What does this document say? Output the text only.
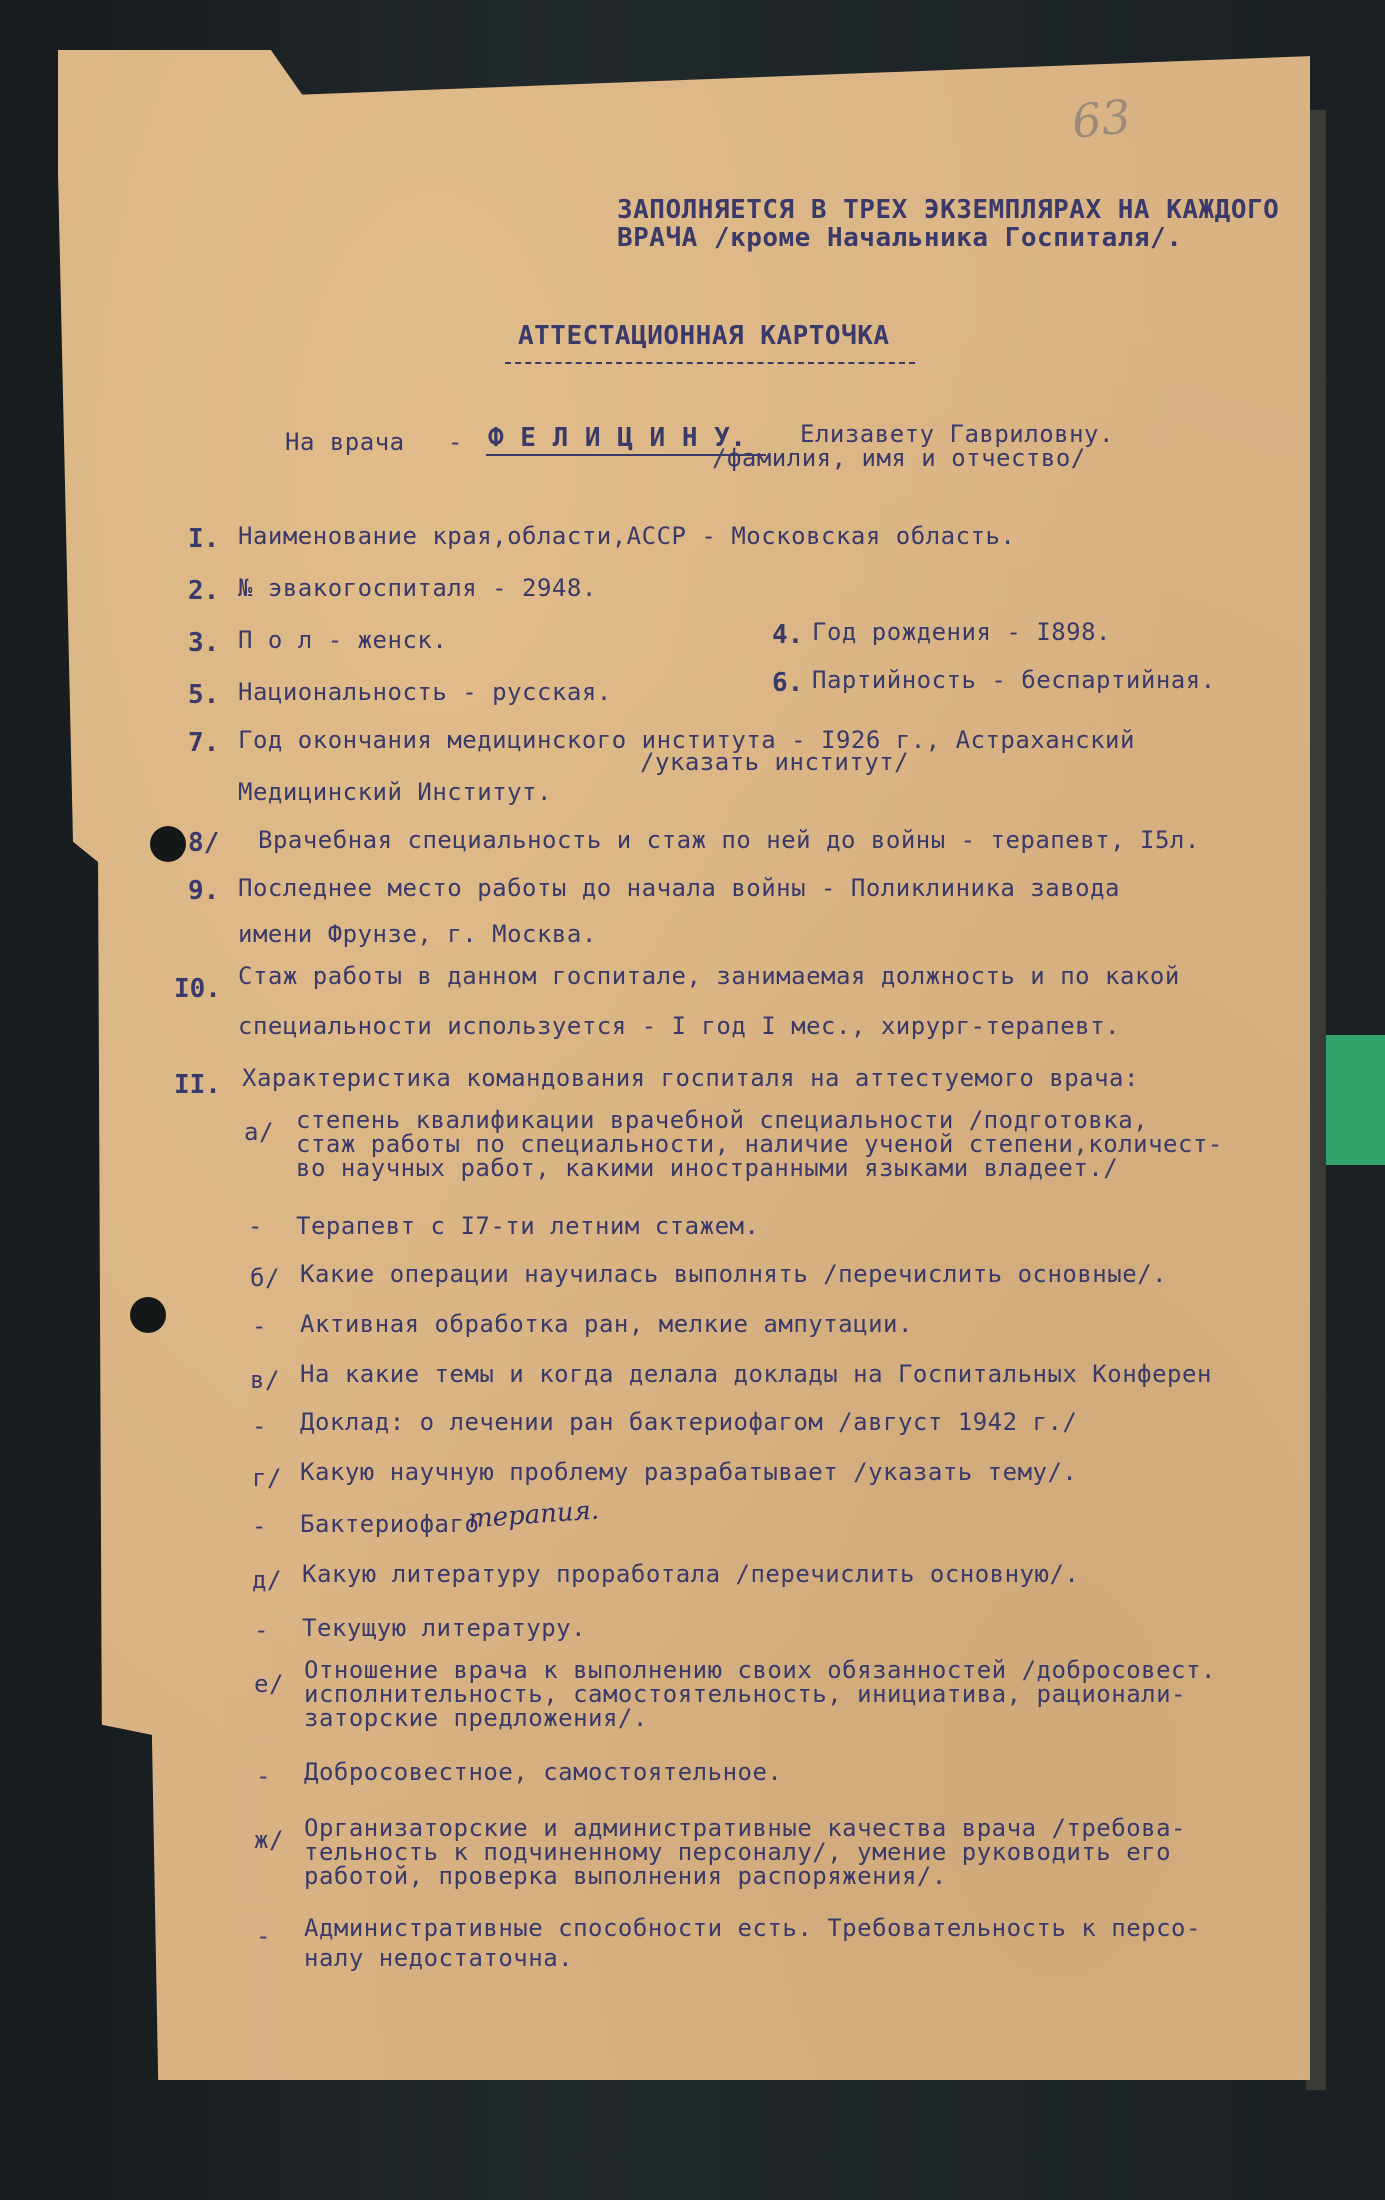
63
ЗАПОЛНЯЕТСЯ В ТРЕХ ЭКЗЕМПЛЯРАХ НА КАЖДОГО
ВРАЧА /кроме Начальника Госпиталя/.
АТТЕСТАЦИОННАЯ КАРТОЧКА
На врача - Ф Е Л И Ц И Н У. Елизавету Гавриловну.
/фамилия, имя и отчество/
I. Наименование края,области,АССР - Московская область.
2. № эвакогоспиталя - 2948.
3. П о л - женск.	4. Год рождения - I898.
5. Национальность - русская.	6. Партийность - беспартийная.
7. Год окончания медицинского института - I926 г., Астраханский
/указать институт/
Медицинский Институт.
8/ Врачебная специальность и стаж по ней до войны - терапевт, I5л.
9. Последнее место работы до начала войны - Поликлиника завода
имени Фрунзе, г. Москва.
I0. Стаж работы в данном госпитале, занимаемая должность и по какой
специальности используется - I год I мес., хирург-терапевт.
II. Характеристика командования госпиталя на аттестуемого врача:
а/ степень квалификации врачебной специальности /подготовка,
стаж работы по специальности, наличие ученой степени,количест-
во научных работ, какими иностранными языками владеет./
- Терапевт с I7-ти летним стажем.
б/ Какие операции научилась выполнять /перечислить основные/.
- Активная обработка ран, мелкие ампутации.
в/ На какие темы и когда делала доклады на Госпитальных Конферен
- Доклад: о лечении ран бактериофагом /август 1942 г./
г/ Какую научную проблему разрабатывает /указать тему/.
- Бактериофаго
терапия.
д/ Какую литературу проработала /перечислить основную/.
- Текущую литературу.
е/ Отношение врача к выполнению своих обязанностей /добросовест.
исполнительность, самостоятельность, инициатива, рационали-
заторские предложения/.
- Добросовестное, самостоятельное.
ж/ Организаторские и административные качества врача /требова-
тельность к подчиненному персоналу/, умение руководить его
работой, проверка выполнения распоряжения/.
- Административные способности есть. Требовательность к персо-
налу недостаточна.
